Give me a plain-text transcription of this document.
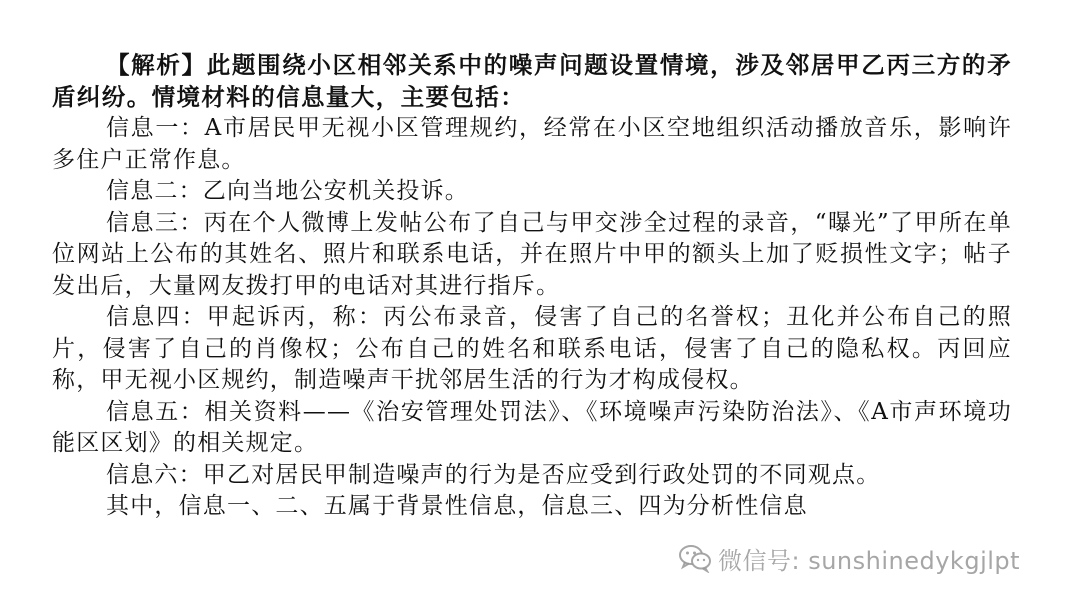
【解析】此题围绕小区相邻关系中的噪声问题设置情境，涉及邻居甲乙丙三方的矛盾纠纷。情境材料的信息量大，主要包括：

信息一：A市居民甲无视小区管理规约，经常在小区空地组织活动播放音乐，影响许多住户正常作息。

信息二：乙向当地公安机关投诉。

信息三：丙在个人微博上发帖公布了自己与甲交涉全过程的录音，“曝光”了甲所在单位网站上公布的其姓名、照片和联系电话，并在照片中甲的额头上加了贬损性文字；帖子发出后，大量网友拨打甲的电话对其进行指斥。

信息四：甲起诉丙，称：丙公布录音，侵害了自己的名誉权；丑化并公布自己的照片，侵害了自己的肖像权；公布自己的姓名和联系电话，侵害了自己的隐私权。丙回应称，甲无视小区规约，制造噪声干扰邻居生活的行为才构成侵权。

信息五：相关资料——《治安管理处罚法》、《环境噪声污染防治法》、《A市声环境功能区区划》的相关规定。

信息六：甲乙对居民甲制造噪声的行为是否应受到行政处罚的不同观点。

其中，信息一、二、五属于背景性信息，信息三、四为分析性信息

微信号: sunshinedykgjlpt
